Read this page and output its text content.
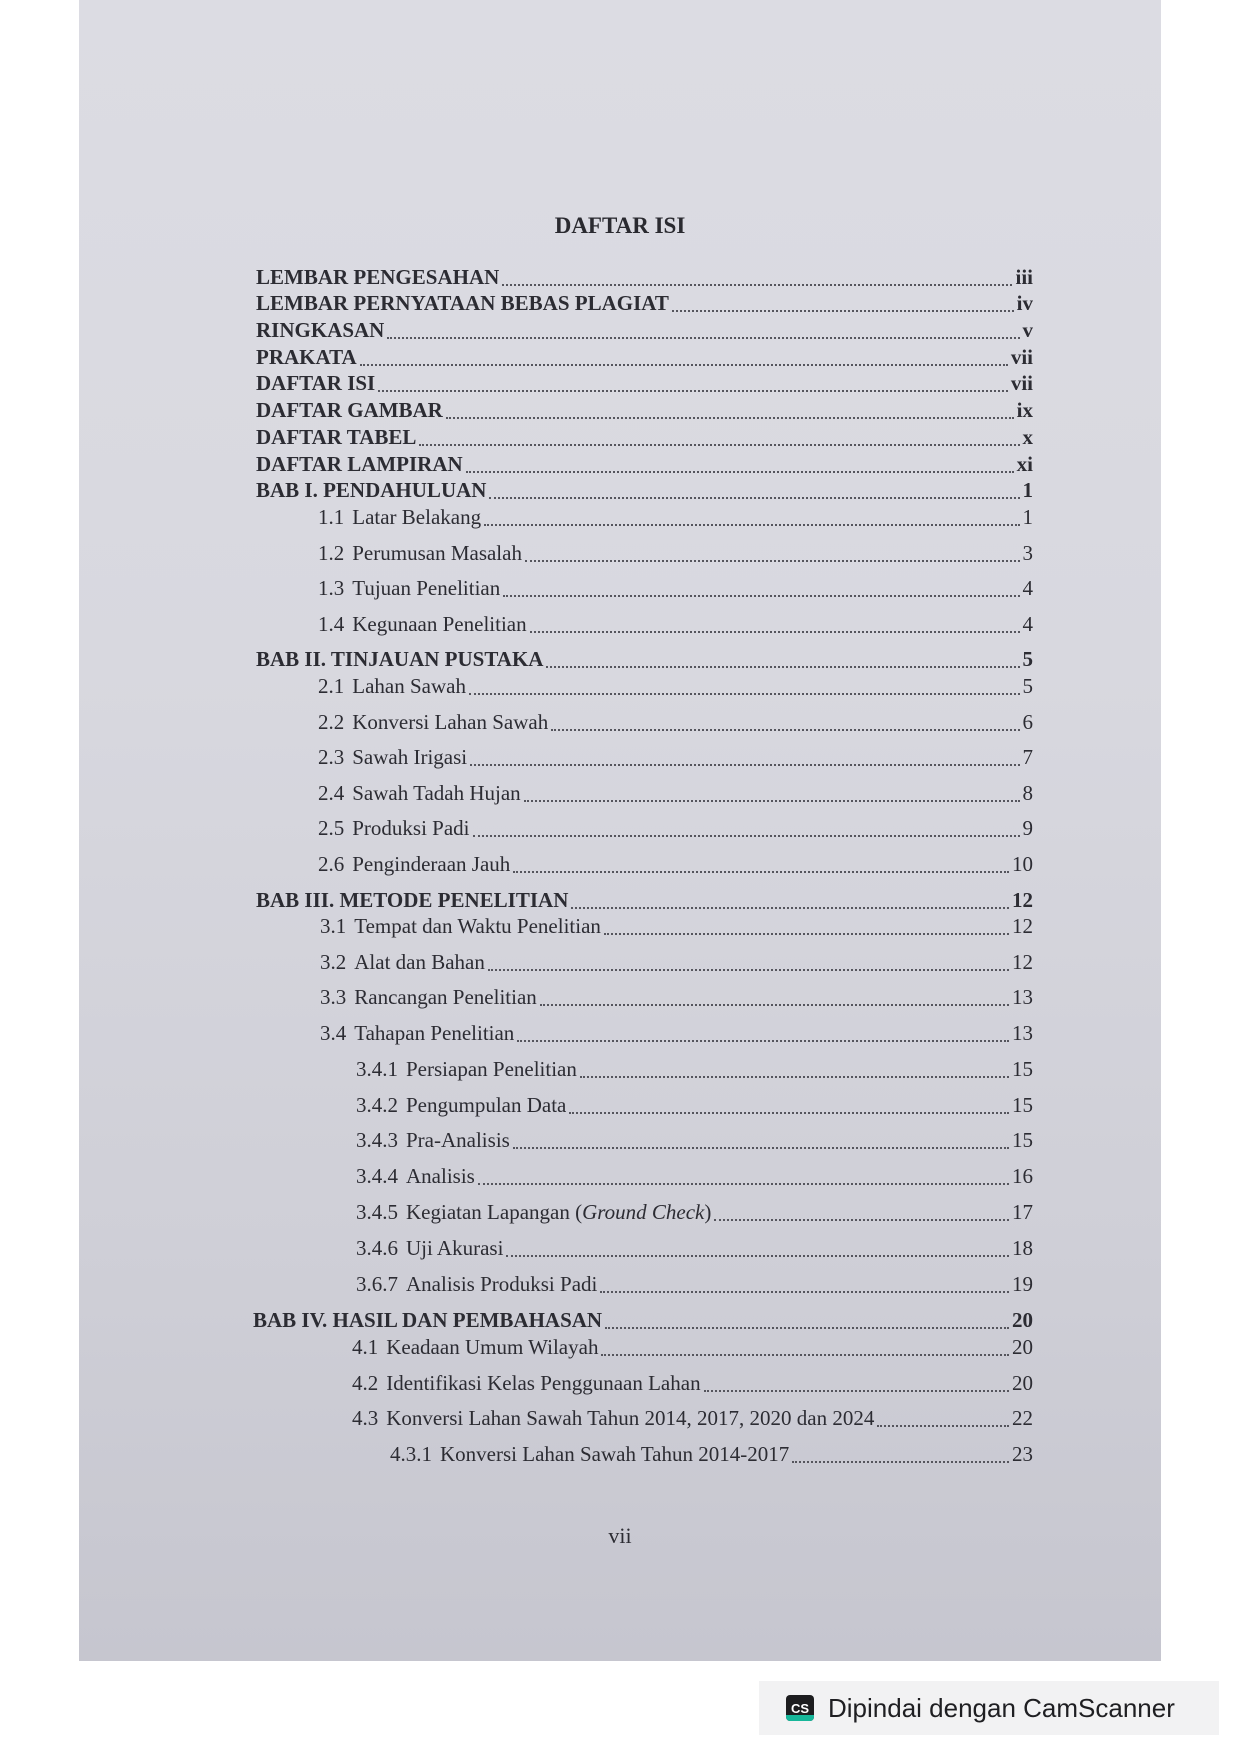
DAFTAR ISI
LEMBAR PENGESAHAN	iii
LEMBAR PERNYATAAN BEBAS PLAGIAT	iv
RINGKASAN	v
PRAKATA	vii
DAFTAR ISI	vii
DAFTAR GAMBAR	ix
DAFTAR TABEL	x
DAFTAR LAMPIRAN	xi
BAB I. PENDAHULUAN	1
1.1 Latar Belakang	1
1.2 Perumusan Masalah	3
1.3 Tujuan Penelitian	4
1.4 Kegunaan Penelitian	4
BAB II. TINJAUAN PUSTAKA	5
2.1 Lahan Sawah	5
2.2 Konversi Lahan Sawah	6
2.3 Sawah Irigasi	7
2.4 Sawah Tadah Hujan	8
2.5 Produksi Padi	9
2.6 Penginderaan Jauh	10
BAB III. METODE PENELITIAN	12
3.1 Tempat dan Waktu Penelitian	12
3.2 Alat dan Bahan	12
3.3 Rancangan Penelitian	13
3.4 Tahapan Penelitian	13
3.4.1 Persiapan Penelitian	15
3.4.2 Pengumpulan Data	15
3.4.3 Pra-Analisis	15
3.4.4 Analisis	16
3.4.5 Kegiatan Lapangan (Ground Check)	17
3.4.6 Uji Akurasi	18
3.6.7 Analisis Produksi Padi	19
BAB IV. HASIL DAN PEMBAHASAN	20
4.1 Keadaan Umum Wilayah	20
4.2 Identifikasi Kelas Penggunaan Lahan	20
4.3 Konversi Lahan Sawah Tahun 2014, 2017, 2020 dan 2024	22
4.3.1 Konversi Lahan Sawah Tahun 2014-2017	23
vii
CS Dipindai dengan CamScanner
